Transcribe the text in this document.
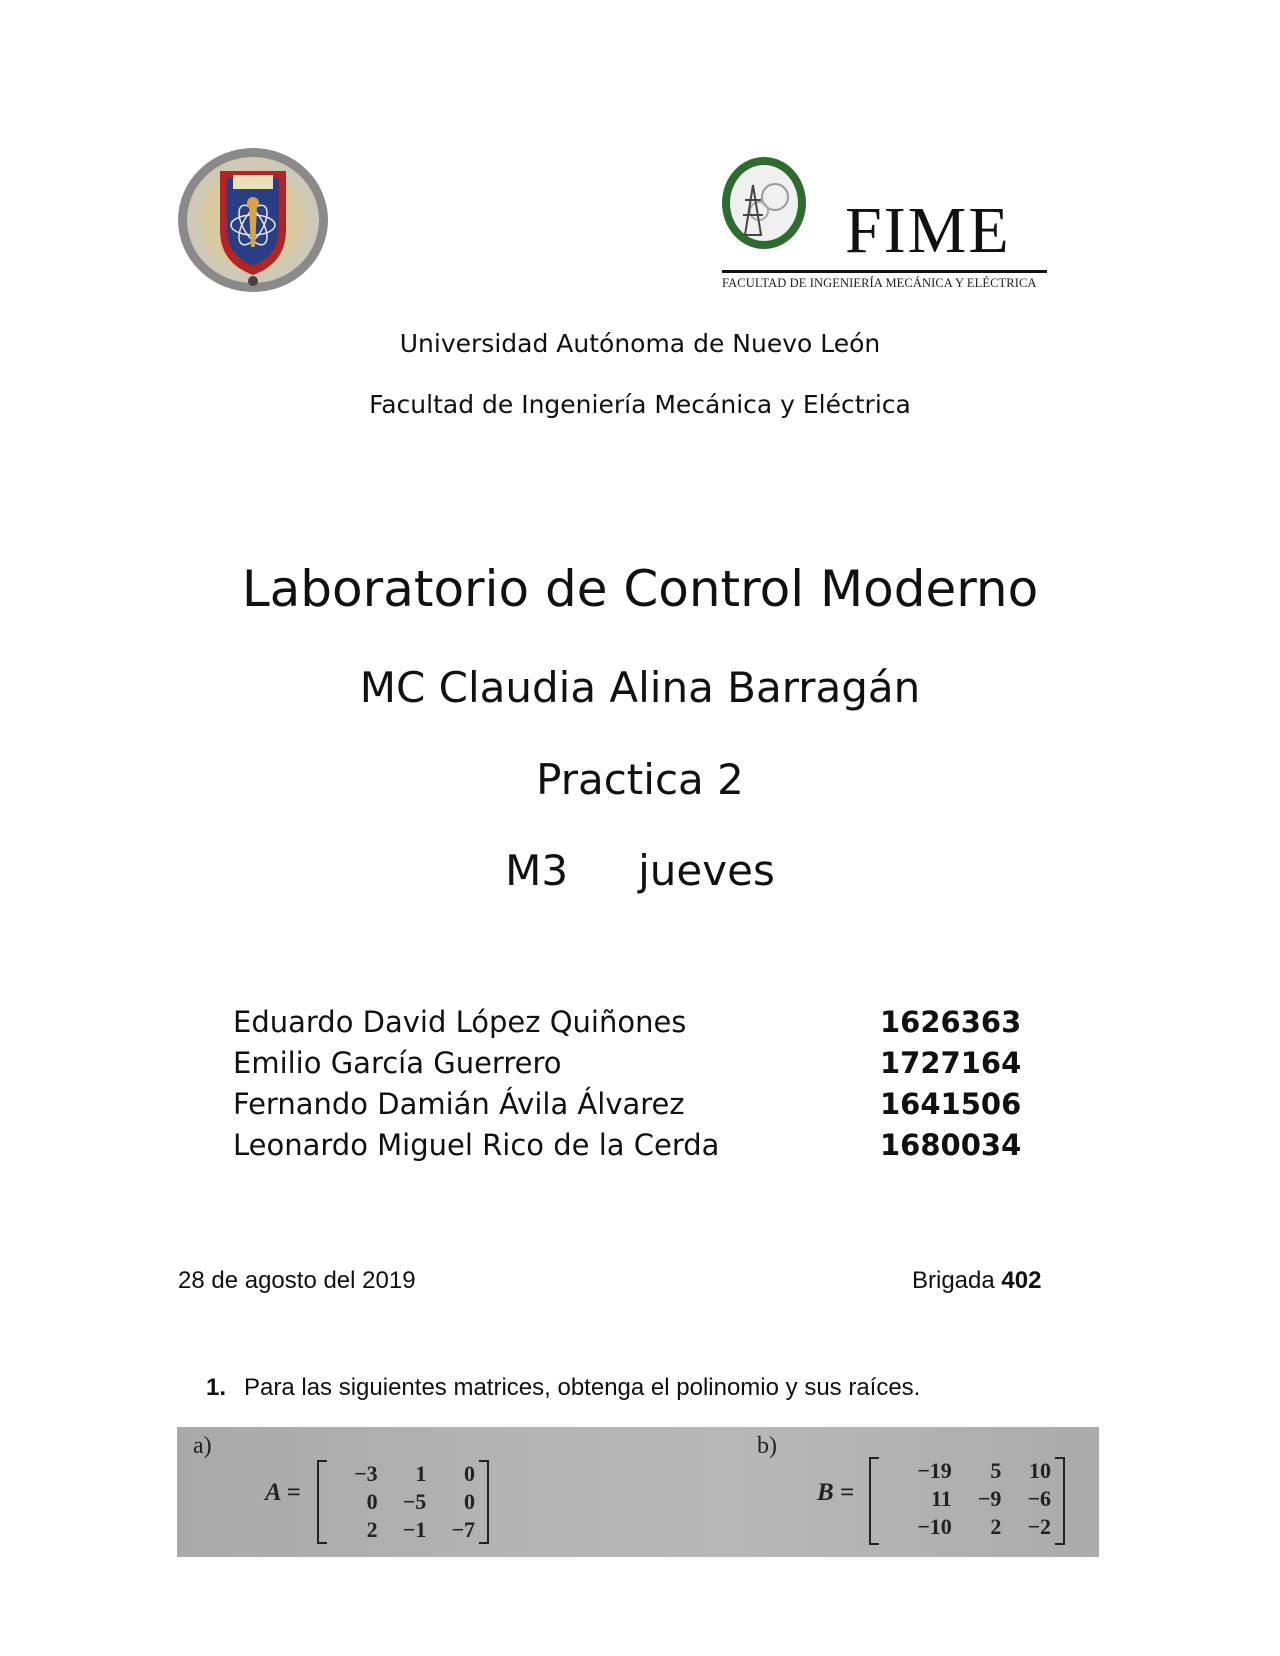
FIME
FACULTAD DE INGENIERÍA MECÁNICA Y ELÉCTRICA
Universidad Autónoma de Nuevo León
Facultad de Ingeniería Mecánica y Eléctrica
Laboratorio de Control Moderno
MC Claudia Alina Barragán
Practica 2
M3 jueves
Eduardo David López Quiñones	1626363
Emilio García Guerrero	1727164
Fernando Damián Ávila Álvarez	1641506
Leonardo Miguel Rico de la Cerda	1680034
28 de agosto del 2019	Brigada 402
1. Para las siguientes matrices, obtenga el polinomio y sus raíces.
a)
A =
−3	1	0
0	−5	0
2	−1	−7
b)
B =
−19	5	10
11	−9	−6
−10	2	−2
